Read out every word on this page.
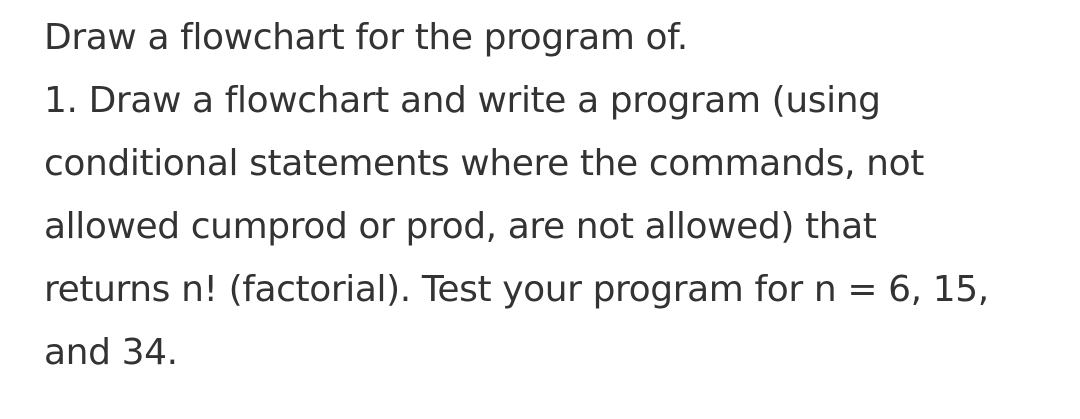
Draw a flowchart for the program of.
1. Draw a flowchart and write a program (using
conditional statements where the commands, not
allowed cumprod or prod, are not allowed) that
returns n! (factorial). Test your program for n = 6, 15,
and 34.
